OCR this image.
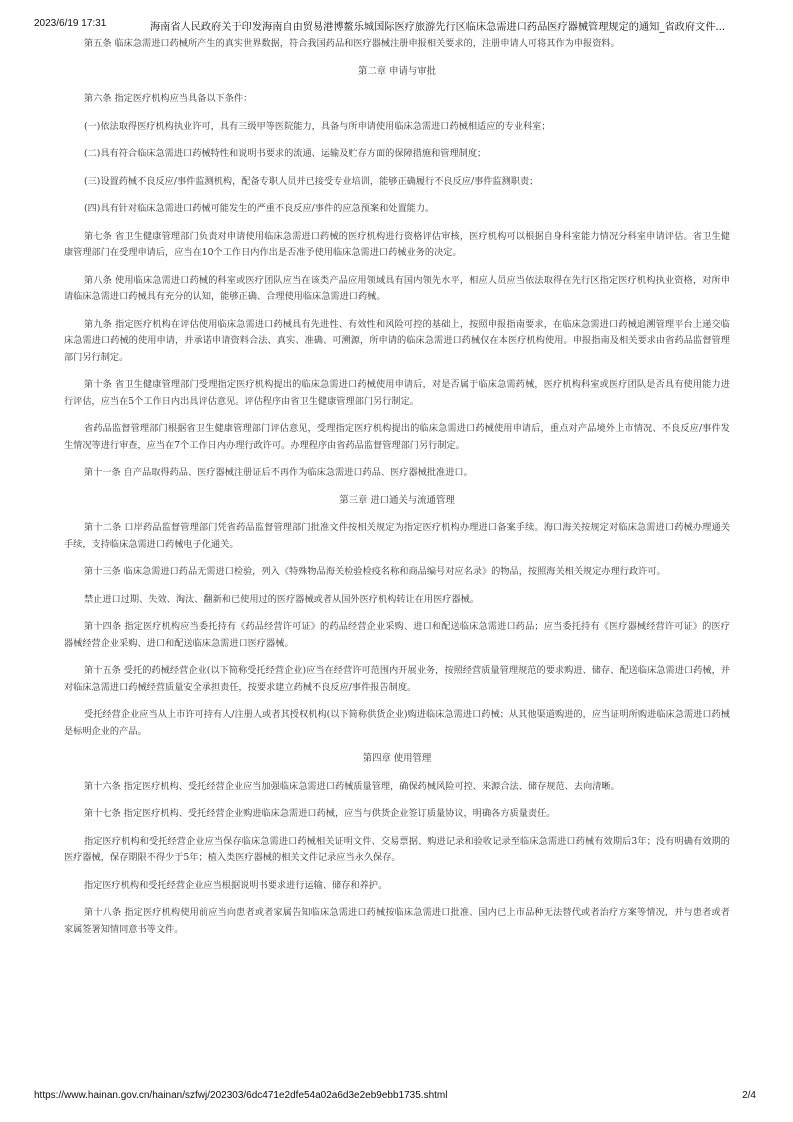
2023/6/19 17:31	海南省人民政府关于印发海南自由贸易港博鳌乐城国际医疗旅游先行区临床急需进口药品医疗器械管理规定的通知_省政府文件...

第五条 临床急需进口药械所产生的真实世界数据，符合我国药品和医疗器械注册申报相关要求的，注册申请人可将其作为申报资料。

第二章 申请与审批

第六条 指定医疗机构应当具备以下条件：

(一)依法取得医疗机构执业许可，具有三级甲等医院能力，具备与所申请使用临床急需进口药械相适应的专业科室；

(二)具有符合临床急需进口药械特性和说明书要求的流通、运输及贮存方面的保障措施和管理制度；

(三)设置药械不良反应/事件监测机构，配备专职人员并已接受专业培训，能够正确履行不良反应/事件监测职责；

(四)具有针对临床急需进口药械可能发生的严重不良反应/事件的应急预案和处置能力。

第七条 省卫生健康管理部门负责对申请使用临床急需进口药械的医疗机构进行资格评估审核，医疗机构可以根据自身科室能力情况分科室申请评估。省卫生健康管理部门在受理申请后，应当在10个工作日内作出是否准予使用临床急需进口药械业务的决定。

第八条 使用临床急需进口药械的科室或医疗团队应当在该类产品应用领域具有国内领先水平，相应人员应当依法取得在先行区指定医疗机构执业资格，对所申请临床急需进口药械具有充分的认知，能够正确、合理使用临床急需进口药械。

第九条 指定医疗机构在评估使用临床急需进口药械具有先进性、有效性和风险可控的基础上，按照申报指南要求，在临床急需进口药械追溯管理平台上递交临床急需进口药械的使用申请，并承诺申请资料合法、真实、准确、可溯源，所申请的临床急需进口药械仅在本医疗机构使用。申报指南及相关要求由省药品监督管理部门另行制定。

第十条 省卫生健康管理部门受理指定医疗机构提出的临床急需进口药械使用申请后，对是否属于临床急需药械，医疗机构科室或医疗团队是否具有使用能力进行评估，应当在5个工作日内出具评估意见。评估程序由省卫生健康管理部门另行制定。

省药品监督管理部门根据省卫生健康管理部门评估意见，受理指定医疗机构提出的临床急需进口药械使用申请后，重点对产品境外上市情况、不良反应/事件发生情况等进行审查，应当在7个工作日内办理行政许可。办理程序由省药品监督管理部门另行制定。

第十一条 自产品取得药品、医疗器械注册证后不再作为临床急需进口药品、医疗器械批准进口。

第三章 进口通关与流通管理

第十二条 口岸药品监督管理部门凭省药品监督管理部门批准文件按相关规定为指定医疗机构办理进口备案手续。海口海关按规定对临床急需进口药械办理通关手续，支持临床急需进口药械电子化通关。

第十三条 临床急需进口药品无需进口检验，列入《特殊物品海关检验检疫名称和商品编号对应名录》的物品，按照海关相关规定办理行政许可。

禁止进口过期、失效、淘汰、翻新和已使用过的医疗器械或者从国外医疗机构转让在用医疗器械。

第十四条 指定医疗机构应当委托持有《药品经营许可证》的药品经营企业采购、进口和配送临床急需进口药品；应当委托持有《医疗器械经营许可证》的医疗器械经营企业采购、进口和配送临床急需进口医疗器械。

第十五条 受托的药械经营企业(以下简称受托经营企业)应当在经营许可范围内开展业务，按照经营质量管理规范的要求购进、储存、配送临床急需进口药械，并对临床急需进口药械经营质量安全承担责任，按要求建立药械不良反应/事件报告制度。

受托经营企业应当从上市许可持有人/注册人或者其授权机构(以下简称供货企业)购进临床急需进口药械；从其他渠道购进的，应当证明所购进临床急需进口药械是标明企业的产品。

第四章 使用管理

第十六条 指定医疗机构、受托经营企业应当加强临床急需进口药械质量管理，确保药械风险可控、来源合法、储存规范、去向清晰。

第十七条 指定医疗机构、受托经营企业购进临床急需进口药械，应当与供货企业签订质量协议，明确各方质量责任。

指定医疗机构和受托经营企业应当保存临床急需进口药械相关证明文件、交易票据、购进记录和验收记录至临床急需进口药械有效期后3年；没有明确有效期的医疗器械，保存期限不得少于5年；植入类医疗器械的相关文件记录应当永久保存。

指定医疗机构和受托经营企业应当根据说明书要求进行运输、储存和养护。

第十八条 指定医疗机构使用前应当向患者或者家属告知临床急需进口药械按临床急需进口批准、国内已上市品种无法替代或者治疗方案等情况，并与患者或者家属签署知情同意书等文件。

https://www.hainan.gov.cn/hainan/szfwj/202303/6dc471e2dfe54a02a6d3e2eb9ebb1735.shtml	2/4
